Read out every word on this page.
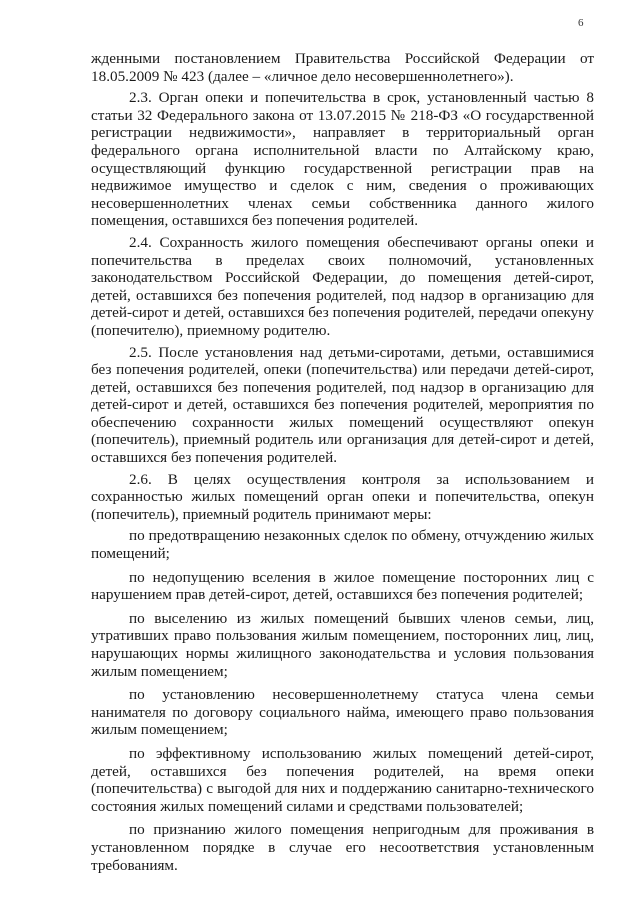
6

жденными постановлением Правительства Российской Федерации от 18.05.2009 № 423 (далее – «личное дело несовершеннолетнего»).

2.3. Орган опеки и попечительства в срок, установленный частью 8 статьи 32 Федерального закона от 13.07.2015 № 218-ФЗ «О государственной регистрации недвижимости», направляет в территориальный орган федерального органа исполнительной власти по Алтайскому краю, осуществляющий функцию государственной регистрации прав на недвижимое имущество и сделок с ним, сведения о проживающих несовершеннолетних членах семьи собственника данного жилого помещения, оставшихся без попечения родителей.

2.4. Сохранность жилого помещения обеспечивают органы опеки и попечительства в пределах своих полномочий, установленных законодательством Российской Федерации, до помещения детей-сирот, детей, оставшихся без попечения родителей, под надзор в организацию для детей-сирот и детей, оставшихся без попечения родителей, передачи опекуну (попечителю), приемному родителю.

2.5. После установления над детьми-сиротами, детьми, оставшимися без попечения родителей, опеки (попечительства) или передачи детей-сирот, детей, оставшихся без попечения родителей, под надзор в организацию для детей-сирот и детей, оставшихся без попечения родителей, мероприятия по обеспечению сохранности жилых помещений осуществляют опекун (попечитель), приемный родитель или организация для детей-сирот и детей, оставшихся без попечения родителей.

2.6. В целях осуществления контроля за использованием и сохранностью жилых помещений орган опеки и попечительства, опекун (попечитель), приемный родитель принимают меры:

по предотвращению незаконных сделок по обмену, отчуждению жилых помещений;

по недопущению вселения в жилое помещение посторонних лиц с нарушением прав детей-сирот, детей, оставшихся без попечения родителей;

по выселению из жилых помещений бывших членов семьи, лиц, утративших право пользования жилым помещением, посторонних лиц, лиц, нарушающих нормы жилищного законодательства и условия пользования жилым помещением;

по установлению несовершеннолетнему статуса члена семьи нанимателя по договору социального найма, имеющего право пользования жилым помещением;

по эффективному использованию жилых помещений детей-сирот, детей, оставшихся без попечения родителей, на время опеки (попечительства) с выгодой для них и поддержанию санитарно-технического состояния жилых помещений силами и средствами пользователей;

по признанию жилого помещения непригодным для проживания в установленном порядке в случае его несоответствия установленным требованиям.
